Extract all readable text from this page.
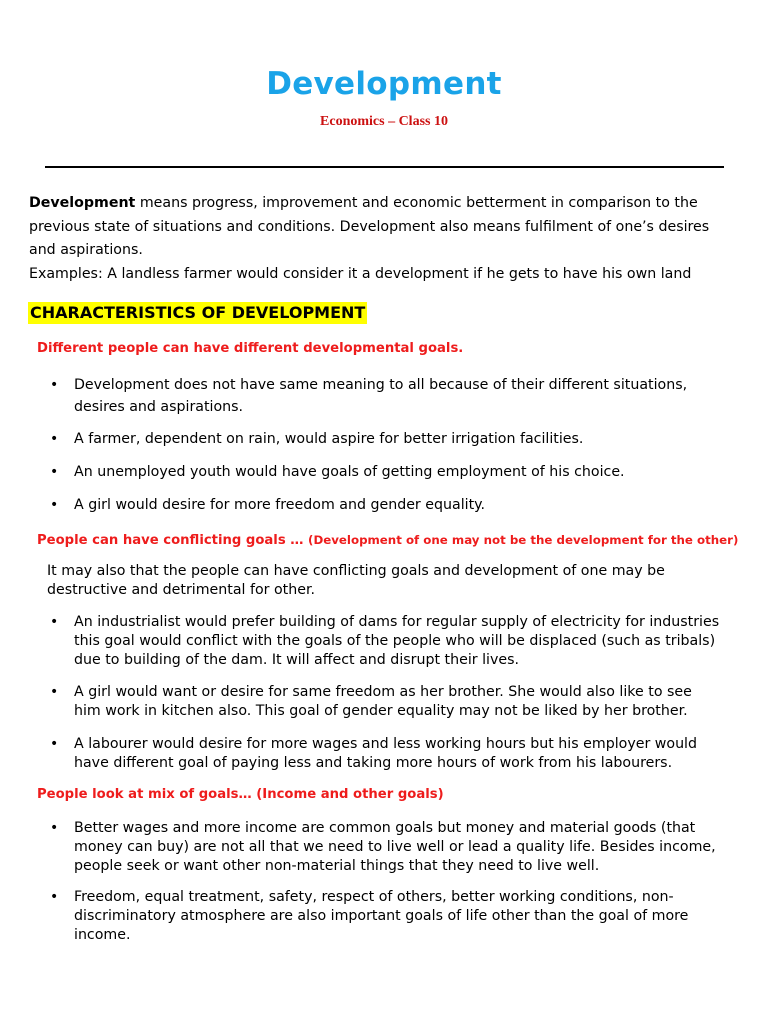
Development
Economics – Class 10
Development means progress, improvement and economic betterment in comparison to the
previous state of situations and conditions. Development also means fulfilment of one’s desires
and aspirations.
Examples: A landless farmer would consider it a development if he gets to have his own land
CHARACTERISTICS OF DEVELOPMENT
Different people can have different developmental goals.
• Development does not have same meaning to all because of their different situations,
desires and aspirations.
• A farmer, dependent on rain, would aspire for better irrigation facilities.
• An unemployed youth would have goals of getting employment of his choice.
• A girl would desire for more freedom and gender equality.
People can have conflicting goals … (Development of one may not be the development for the other)
It may also that the people can have conflicting goals and development of one may be
destructive and detrimental for other.
• An industrialist would prefer building of dams for regular supply of electricity for industries
this goal would conflict with the goals of the people who will be displaced (such as tribals)
due to building of the dam. It will affect and disrupt their lives.
• A girl would want or desire for same freedom as her brother. She would also like to see
him work in kitchen also. This goal of gender equality may not be liked by her brother.
• A labourer would desire for more wages and less working hours but his employer would
have different goal of paying less and taking more hours of work from his labourers.
People look at mix of goals… (Income and other goals)
• Better wages and more income are common goals but money and material goods (that
money can buy) are not all that we need to live well or lead a quality life. Besides income,
people seek or want other non-material things that they need to live well.
• Freedom, equal treatment, safety, respect of others, better working conditions, non-
discriminatory atmosphere are also important goals of life other than the goal of more
income.
